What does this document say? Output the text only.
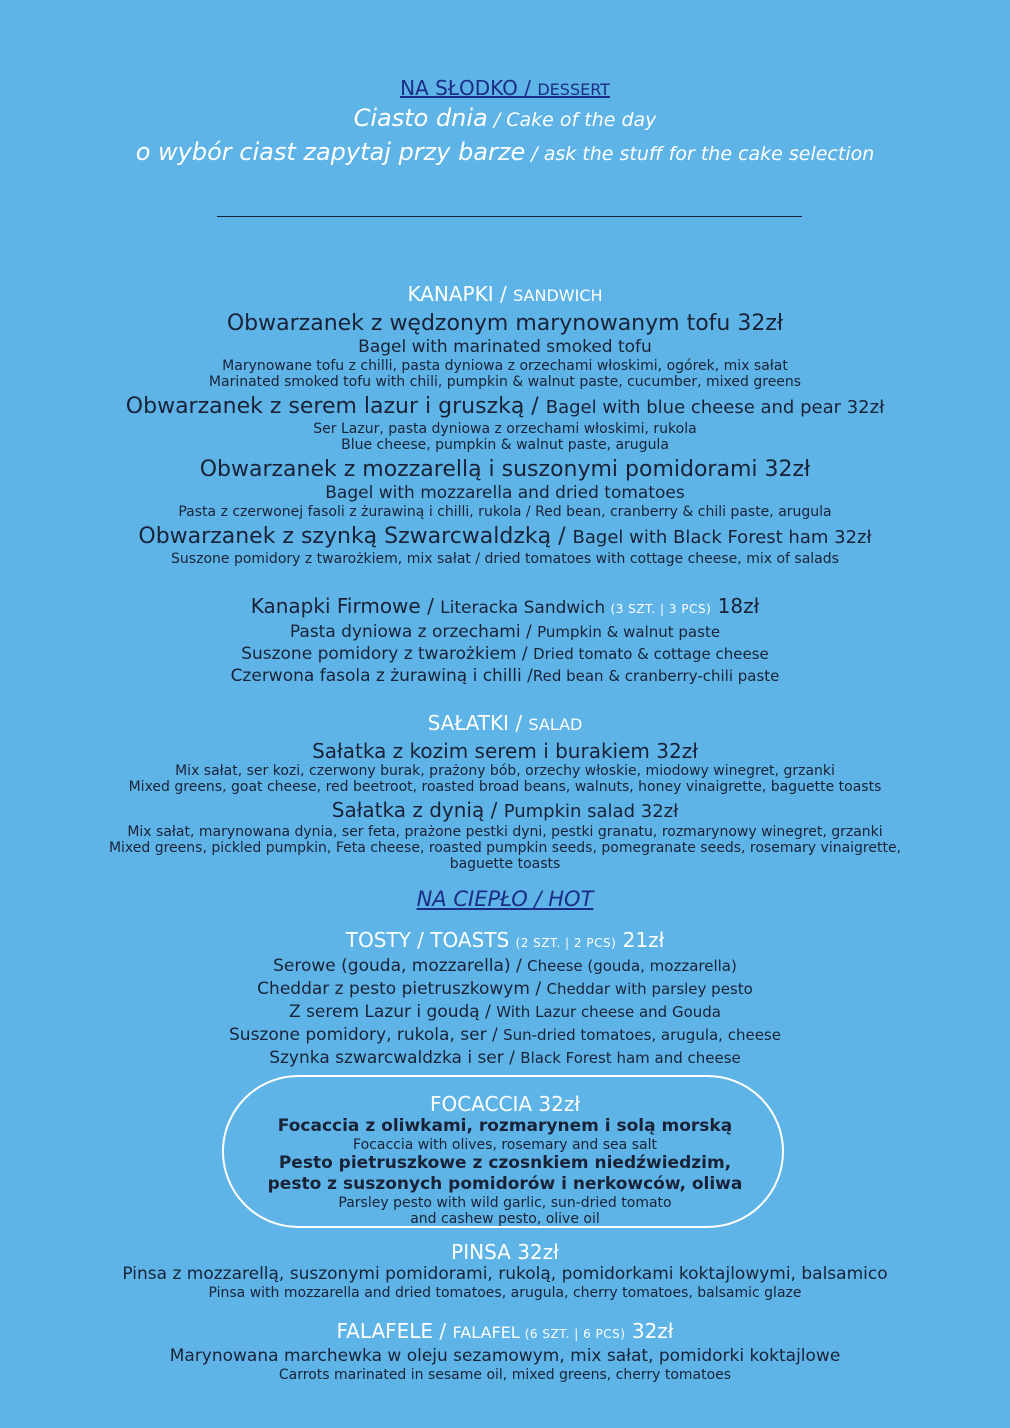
NA SŁODKO / DESSERT
Ciasto dnia / Cake of the day
o wybór ciast zapytaj przy barze / ask the stuff for the cake selection
KANAPKI / SANDWICH
Obwarzanek z wędzonym marynowanym tofu 32zł
Bagel with marinated smoked tofu
Marynowane tofu z chilli, pasta dyniowa z orzechami włoskimi, ogórek, mix sałat
Marinated smoked tofu with chili, pumpkin & walnut paste, cucumber, mixed greens
Obwarzanek z serem lazur i gruszką / Bagel with blue cheese and pear 32zł
Ser Lazur, pasta dyniowa z orzechami włoskimi, rukola
Blue cheese, pumpkin & walnut paste, arugula
Obwarzanek z mozzarellą i suszonymi pomidorami 32zł
Bagel with mozzarella and dried tomatoes
Pasta z czerwonej fasoli z żurawiną i chilli, rukola / Red bean, cranberry & chili paste, arugula
Obwarzanek z szynką Szwarcwaldzką / Bagel with Black Forest ham 32zł
Suszone pomidory z twarożkiem, mix sałat / dried tomatoes with cottage cheese, mix of salads
Kanapki Firmowe / Literacka Sandwich (3 SZT. | 3 PCS) 18zł
Pasta dyniowa z orzechami / Pumpkin & walnut paste
Suszone pomidory z twarożkiem / Dried tomato & cottage cheese
Czerwona fasola z żurawiną i chilli /Red bean & cranberry-chili paste
SAŁATKI / SALAD
Sałatka z kozim serem i burakiem 32zł
Mix sałat, ser kozi, czerwony burak, prażony bób, orzechy włoskie, miodowy winegret, grzanki
Mixed greens, goat cheese, red beetroot, roasted broad beans, walnuts, honey vinaigrette, baguette toasts
Sałatka z dynią / Pumpkin salad 32zł
Mix sałat, marynowana dynia, ser feta, prażone pestki dyni, pestki granatu, rozmarynowy winegret, grzanki
Mixed greens, pickled pumpkin, Feta cheese, roasted pumpkin seeds, pomegranate seeds, rosemary vinaigrette,
baguette toasts
NA CIEPŁO / HOT
TOSTY / TOASTS (2 SZT. | 2 PCS) 21zł
Serowe (gouda, mozzarella) / Cheese (gouda, mozzarella)
Cheddar z pesto pietruszkowym / Cheddar with parsley pesto
Z serem Lazur i goudą / With Lazur cheese and Gouda
Suszone pomidory, rukola, ser / Sun-dried tomatoes, arugula, cheese
Szynka szwarcwaldzka i ser / Black Forest ham and cheese
FOCACCIA 32zł
Focaccia z oliwkami, rozmarynem i solą morską
Focaccia with olives, rosemary and sea salt
Pesto pietruszkowe z czosnkiem niedźwiedzim,
pesto z suszonych pomidorów i nerkowców, oliwa
Parsley pesto with wild garlic, sun-dried tomato
and cashew pesto, olive oil
PINSA 32zł
Pinsa z mozzarellą, suszonymi pomidorami, rukolą, pomidorkami koktajlowymi, balsamico
Pinsa with mozzarella and dried tomatoes, arugula, cherry tomatoes, balsamic glaze
FALAFELE / FALAFEL (6 SZT. | 6 PCS) 32zł
Marynowana marchewka w oleju sezamowym, mix sałat, pomidorki koktajlowe
Carrots marinated in sesame oil, mixed greens, cherry tomatoes
